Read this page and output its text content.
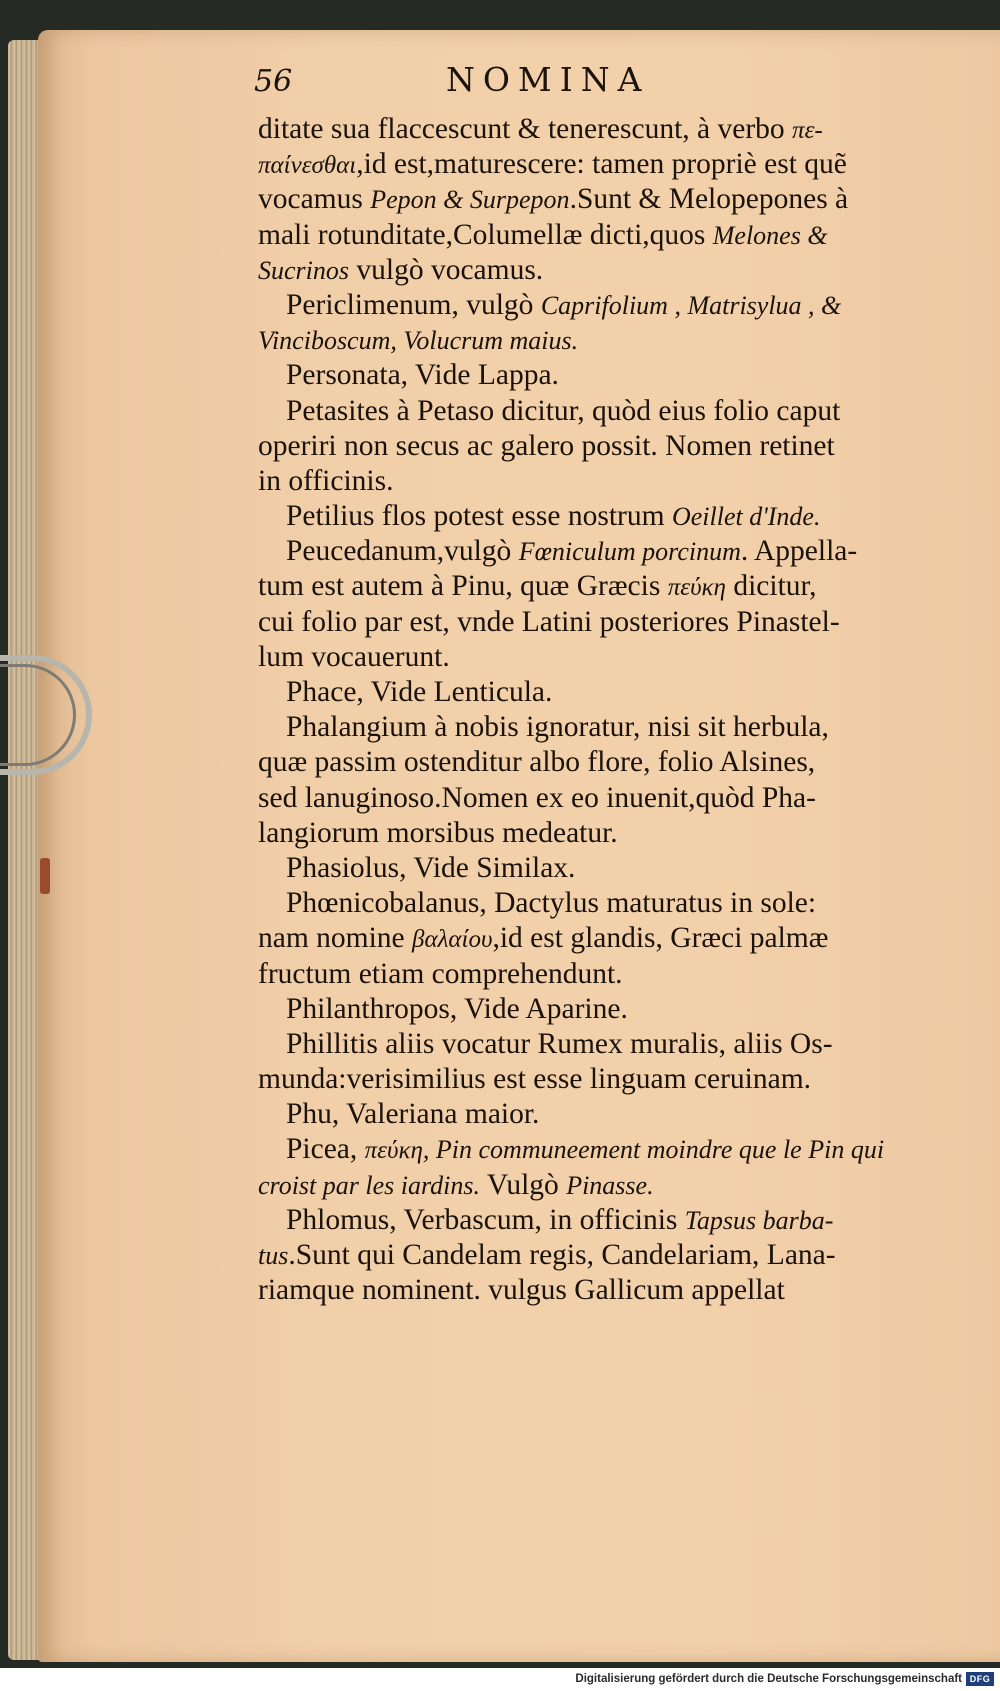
56	NOMINA
ditate sua flaccescunt & tenerescunt, à verbo πε-
παίνεσθαι,id est,maturescere: tamen propriè est quẽ
vocamus Pepon & Surpepon.Sunt & Melopepones à
mali rotunditate,Columellæ dicti,quos Melones &
Sucrinos vulgò vocamus.
Periclimenum, vulgò Caprifolium , Matrisylua , &
Vinciboscum, Volucrum maius.
Personata, Vide Lappa.
Petasites à Petaso dicitur, quòd eius folio caput
operiri non secus ac galero possit. Nomen retinet
in officinis.
Petilius flos potest esse nostrum Oeillet d'Inde.
Peucedanum,vulgò Fœniculum porcinum. Appella-
tum est autem à Pinu, quæ Græcis πεύκη dicitur,
cui folio par est, vnde Latini posteriores Pinastel-
lum vocauerunt.
Phace, Vide Lenticula.
Phalangium à nobis ignoratur, nisi sit herbula,
quæ passim ostenditur albo flore, folio Alsines,
sed lanuginoso.Nomen ex eo inuenit,quòd Pha-
langiorum morsibus medeatur.
Phasiolus, Vide Similax.
Phœnicobalanus, Dactylus maturatus in sole:
nam nomine βαλαίου,id est glandis, Græci palmæ
fructum etiam comprehendunt.
Philanthropos, Vide Aparine.
Phillitis aliis vocatur Rumex muralis, aliis Os-
munda:verisimilius est esse linguam ceruinam.
Phu, Valeriana maior.
Picea, πεύκη, Pin communeement moindre que le Pin qui
croist par les iardins. Vulgò Pinasse.
Phlomus, Verbascum, in officinis Tapsus barba-
tus.Sunt qui Candelam regis, Candelariam, Lana-
riamque nominent. vulgus Gallicum appellat
Digitalisierung gefördert durch die Deutsche Forschungsgemeinschaft DFG
